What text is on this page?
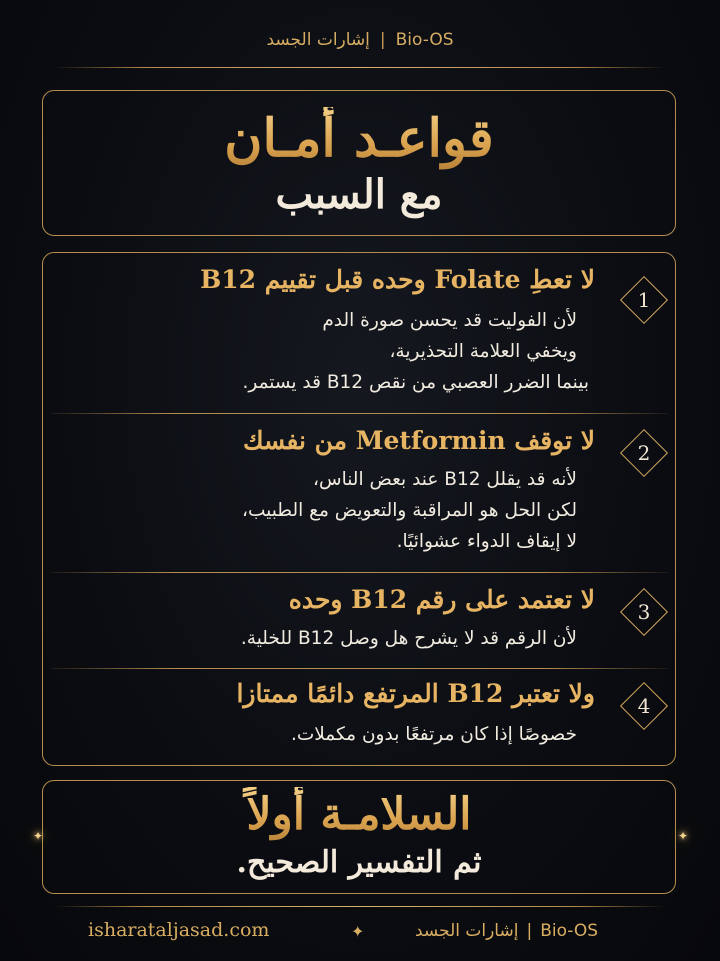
إشارات الجسد | Bio-OS
قواعـد أمـان
مع السبب
1
لا تعطِ Folate وحده قبل تقييم B12
لأن الفوليت قد يحسن صورة الدم
ويخفي العلامة التحذيرية،
بينما الضرر العصبي من نقص B12 قد يستمر.
2
لا توقف Metformin من نفسك
لأنه قد يقلل B12 عند بعض الناس،
لكن الحل هو المراقبة والتعويض مع الطبيب،
لا إيقاف الدواء عشوائيًا.
3
لا تعتمد على رقم B12 وحده
لأن الرقم قد لا يشرح هل وصل B12 للخلية.
4
ولا تعتبر B12 المرتفع دائمًا ممتازا
خصوصًا إذا كان مرتفعًا بدون مكملات.
السلامـة أولاً
ثم التفسير الصحيح.
✦	✦
isharataljasad.com	✦	إشارات الجسد | Bio-OS
